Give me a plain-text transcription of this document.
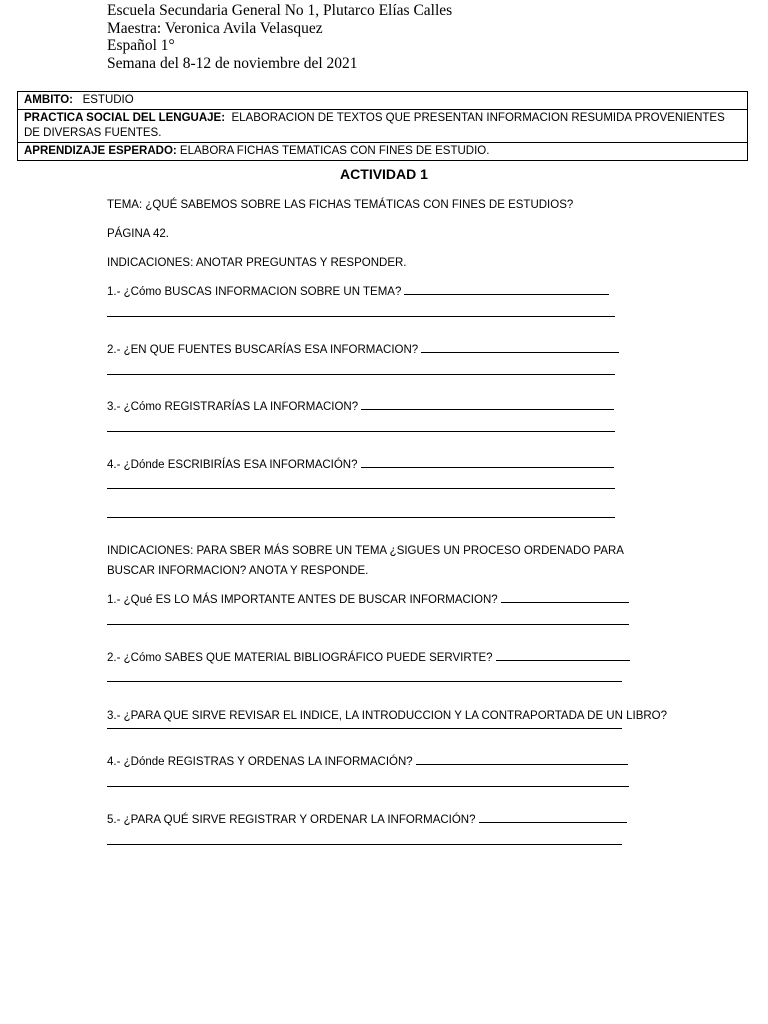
Escuela Secundaria General No 1, Plutarco Elías Calles
Maestra: Veronica Avila Velasquez
Español 1°
Semana del 8-12 de noviembre del 2021
AMBITO: ESTUDIO
PRACTICA SOCIAL DEL LENGUAJE: ELABORACION DE TEXTOS QUE PRESENTAN INFORMACION RESUMIDA PROVENIENTES DE DIVERSAS FUENTES.
APRENDIZAJE ESPERADO: ELABORA FICHAS TEMATICAS CON FINES DE ESTUDIO.
ACTIVIDAD 1
TEMA: ¿QUÉ SABEMOS SOBRE LAS FICHAS TEMÁTICAS CON FINES DE ESTUDIOS?
PÁGINA 42.
INDICACIONES: ANOTAR PREGUNTAS Y RESPONDER.
1.- ¿Cómo BUSCAS INFORMACION SOBRE UN TEMA?
2.- ¿EN QUE FUENTES BUSCARÍAS ESA INFORMACION?
3.- ¿Cómo REGISTRARÍAS LA INFORMACION?
4.- ¿Dónde ESCRIBIRÍAS ESA INFORMACIÓN?
INDICACIONES: PARA SBER MÁS SOBRE UN TEMA ¿SIGUES UN PROCESO ORDENADO PARA
BUSCAR INFORMACION? ANOTA Y RESPONDE.
1.- ¿Qué ES LO MÁS IMPORTANTE ANTES DE BUSCAR INFORMACION?
2.- ¿Cómo SABES QUE MATERIAL BIBLIOGRÁFICO PUEDE SERVIRTE?
3.- ¿PARA QUE SIRVE REVISAR EL INDICE, LA INTRODUCCION Y LA CONTRAPORTADA DE UN LIBRO?
4.- ¿Dónde REGISTRAS Y ORDENAS LA INFORMACIÓN?
5.- ¿PARA QUÉ SIRVE REGISTRAR Y ORDENAR LA INFORMACIÓN?
